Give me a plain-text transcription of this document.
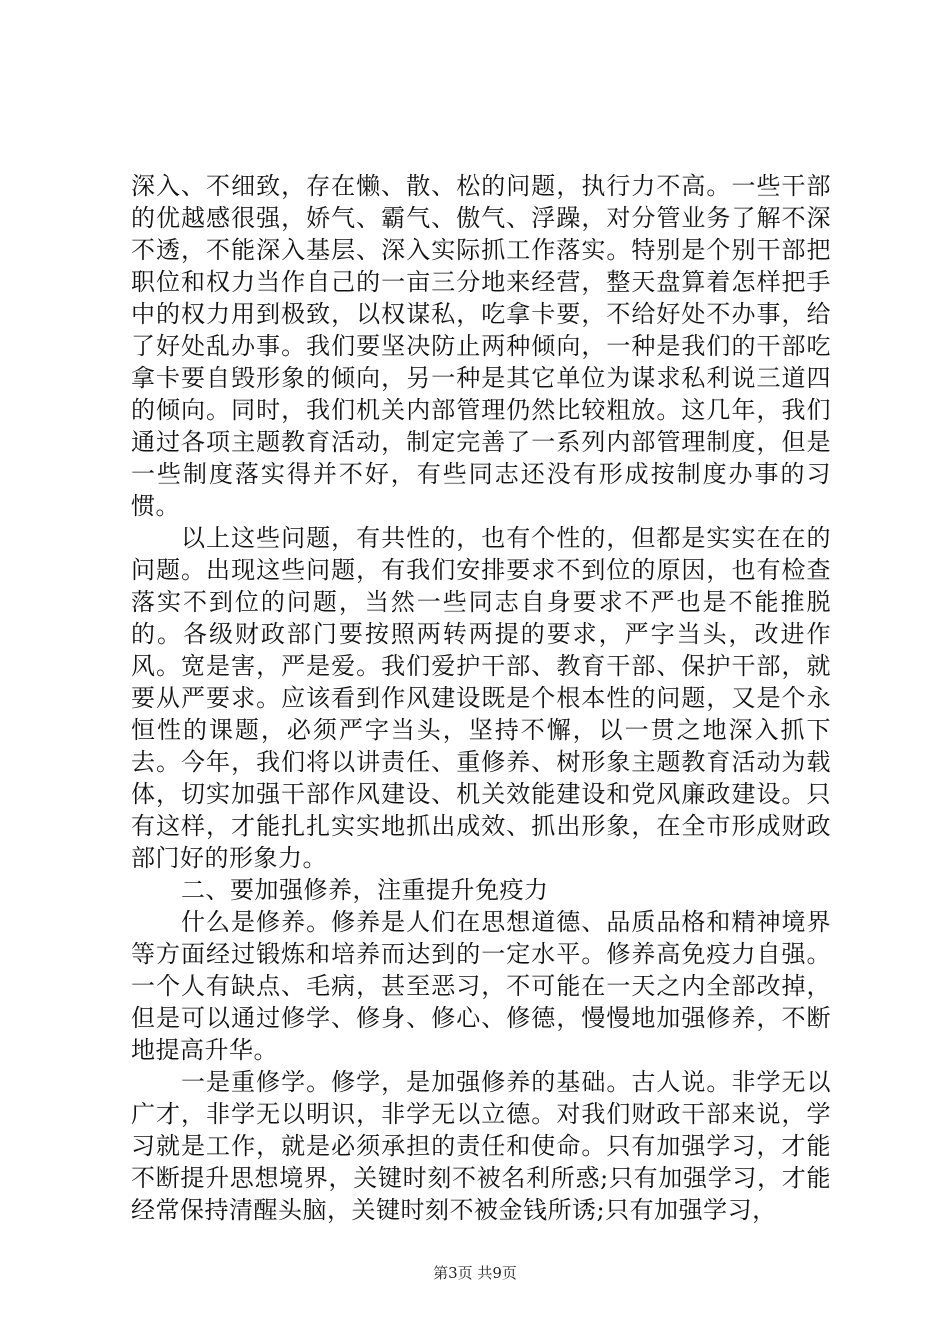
深入、不细致，存在懒、散、松的问题，执行力不高。一些干部的优越感很强，娇气、霸气、傲气、浮躁，对分管业务了解不深不透，不能深入基层、深入实际抓工作落实。特别是个别干部把职位和权力当作自己的一亩三分地来经营，整天盘算着怎样把手中的权力用到极致，以权谋私，吃拿卡要，不给好处不办事，给了好处乱办事。我们要坚决防止两种倾向，一种是我们的干部吃拿卡要自毁形象的倾向，另一种是其它单位为谋求私利说三道四的倾向。同时，我们机关内部管理仍然比较粗放。这几年，我们通过各项主题教育活动，制定完善了一系列内部管理制度，但是一些制度落实得并不好，有些同志还没有形成按制度办事的习惯。

以上这些问题，有共性的，也有个性的，但都是实实在在的问题。出现这些问题，有我们安排要求不到位的原因，也有检查落实不到位的问题，当然一些同志自身要求不严也是不能推脱的。各级财政部门要按照两转两提的要求，严字当头，改进作风。宽是害，严是爱。我们爱护干部、教育干部、保护干部，就要从严要求。应该看到作风建设既是个根本性的问题，又是个永恒性的课题，必须严字当头，坚持不懈，以一贯之地深入抓下去。今年，我们将以讲责任、重修养、树形象主题教育活动为载体，切实加强干部作风建设、机关效能建设和党风廉政建设。只有这样，才能扎扎实实地抓出成效、抓出形象，在全市形成财政部门好的形象力。

二、要加强修养，注重提升免疫力

什么是修养。修养是人们在思想道德、品质品格和精神境界等方面经过锻炼和培养而达到的一定水平。修养高免疫力自强。一个人有缺点、毛病，甚至恶习，不可能在一天之内全部改掉，但是可以通过修学、修身、修心、修德，慢慢地加强修养，不断地提高升华。

一是重修学。修学，是加强修养的基础。古人说。非学无以广才，非学无以明识，非学无以立德。对我们财政干部来说，学习就是工作，就是必须承担的责任和使命。只有加强学习，才能不断提升思想境界，关键时刻不被名利所惑;只有加强学习，才能经常保持清醒头脑，关键时刻不被金钱所诱;只有加强学习，

第3页 共9页
